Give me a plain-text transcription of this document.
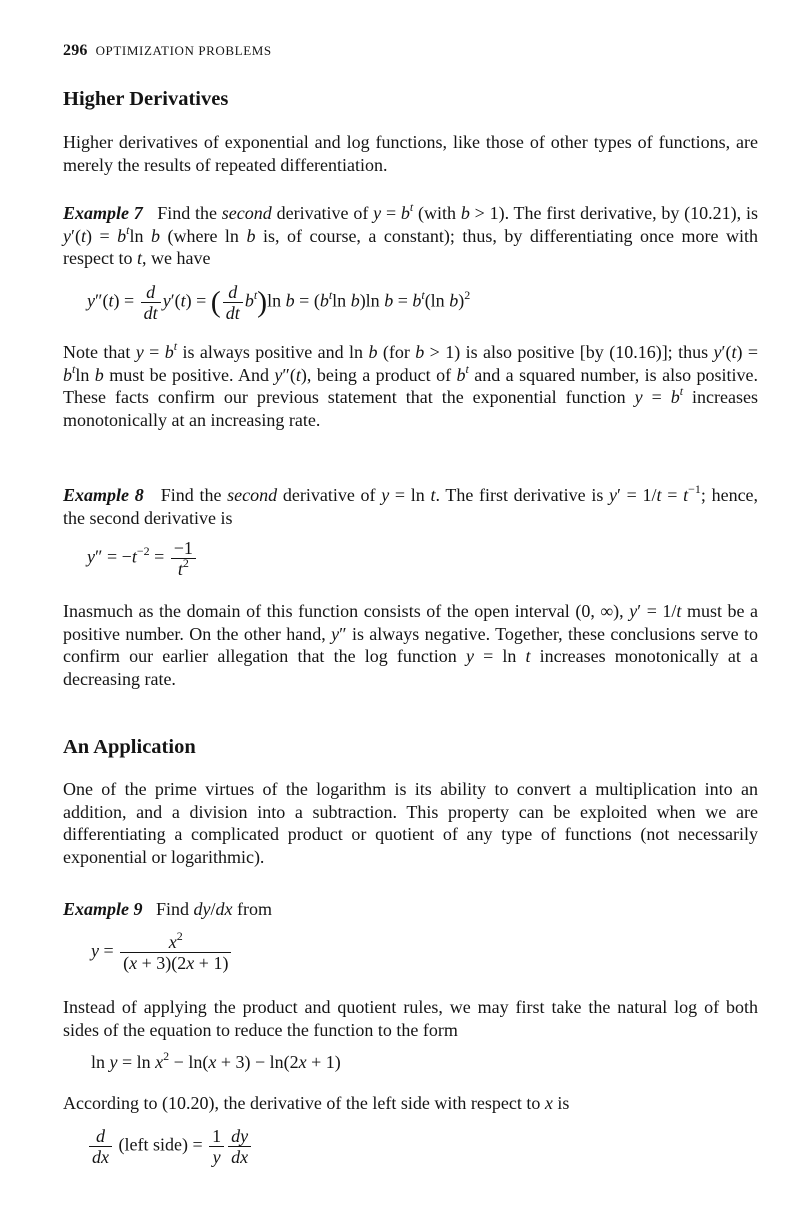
296 OPTIMIZATION PROBLEMS
Higher Derivatives

Higher derivatives of exponential and log functions, like those of other types of functions, are merely the results of repeated differentiation.

Example 7   Find the second derivative of $y = b^t$ (with b > 1). The first derivative, by (10.21), is $y'(t) = b^t\ln$ b (where ln b is, of course, a constant); thus, by differentiating once more with respect to t, we have

$y''(t) = \frac{d}{dt} y'(t)$ = ( $\frac{d}{dt} b^t)\ln$ $b = (b^t\ln$ b)ln $b = b^t(\ln$ b)$^2$

Note that $y = b^t$ is always positive and ln b (for b > 1) is also positive [by (10.16)]; thus $y'(t) = b^t\ln$ b must be positive. And y″(t), being a product of $b^t$ and a squared number, is also positive. These facts confirm our previous statement that the exponential function $y = b^t$ increases monotonically at an increasing rate.

Example 8   Find the second derivative of y = ln t. The first derivative is $y' = 1/t = t^{-1}$; hence, the second derivative is

$y'' = -t^{-2} = \frac{-1}{t^2}$

Inasmuch as the domain of this function consists of the open interval (0, ∞), y′ = 1/t must be a positive number. On the other hand, y″ is always negative. Together, these conclusions serve to confirm our earlier allegation that the log function y = ln t increases monotonically at a decreasing rate.

An Application

One of the prime virtues of the logarithm is its ability to convert a multiplication into an addition, and a division into a subtraction. This property can be exploited when we are differentiating a complicated product or quotient of any type of functions (not necessarily exponential or logarithmic).

Example 9   Find dy/dx from

$y = \frac{x^2}{(x + 3)(2x + 1)}$

Instead of applying the product and quotient rules, we may first take the natural log of both sides of the equation to reduce the function to the form

$\ln y = \ln x^2 - \ln(x + 3) - \ln(2x + 1)$

According to (10.20), the derivative of the left side with respect to x is

$\frac{d}{dx}$ (left side) = $\frac{1}{y} \frac{dy}{dx}$
